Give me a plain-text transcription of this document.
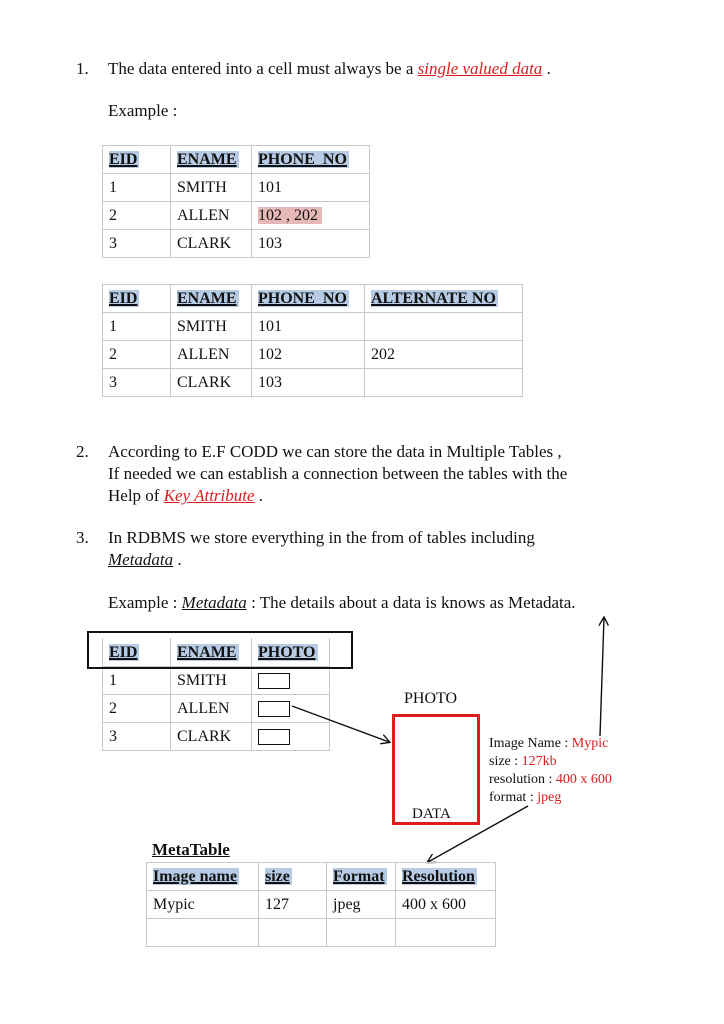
1. The data entered into a cell must always be a single valued data .
Example :
EID	ENAME	PHONE_NO
1	SMITH	101
2	ALLEN	102 , 202
3	CLARK	103
EID	ENAME	PHONE_NO	ALTERNATE NO
1	SMITH	101	
2	ALLEN	102	202
3	CLARK	103	
2. According to E.F CODD we can store the data in Multiple Tables ,
If needed we can establish a connection between the tables with the
Help of Key Attribute .
3. In RDBMS we store everything in the from of tables including
Metadata .
Example : Metadata : The details about a data is knows as Metadata.
EID	ENAME	PHOTO
1	SMITH	
2	ALLEN	
3	CLARK	
PHOTO
DATA
Image Name : Mypic
size : 127kb
resolution : 400 x 600
format : jpeg
MetaTable
Image name	size	Format	Resolution
Mypic	127	jpeg	400 x 600
